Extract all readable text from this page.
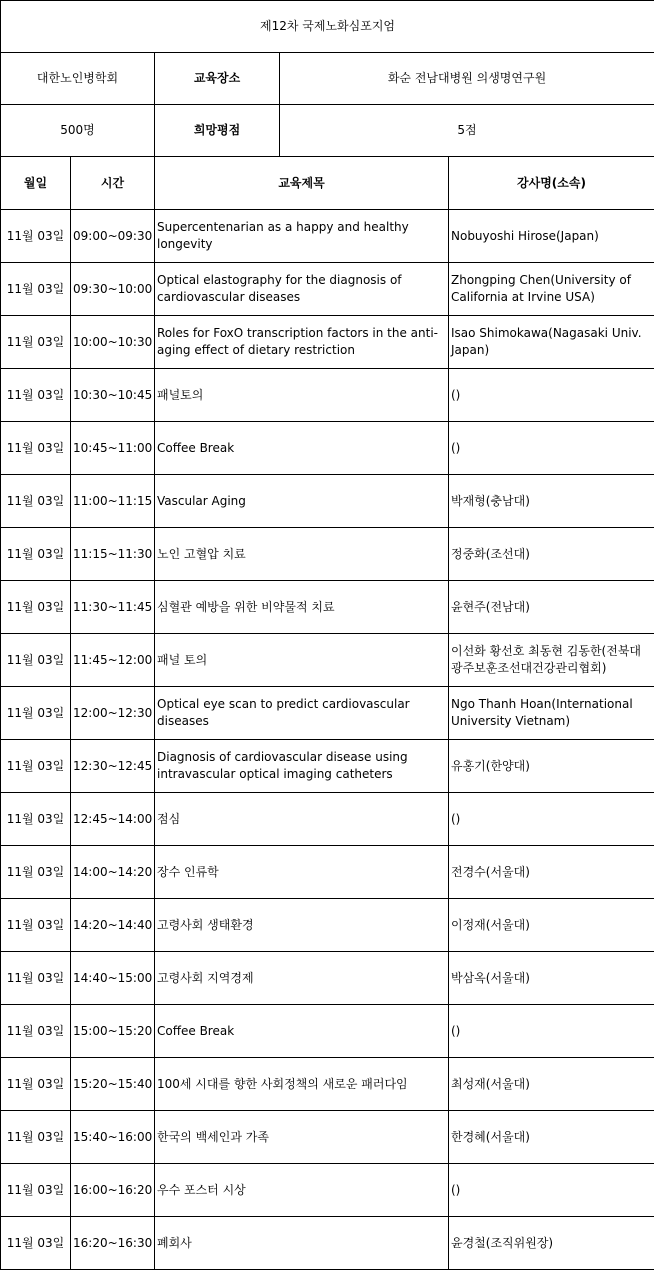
제12차 국제노화심포지엄				
대한노인병학회		교육장소	화순 전남대병원 의생명연구원	
500명		희망평점	5점	
월일	시간	교육제목		강사명(소속)
11월 03일	09:00~09:30	Supercentenarian as a happy and healthy longevity		Nobuyoshi Hirose(Japan)
11월 03일	09:30~10:00	Optical elastography for the diagnosis of cardiovascular diseases		Zhongping Chen(University of California at Irvine USA)
11월 03일	10:00~10:30	Roles for FoxO transcription factors in the anti-aging effect of dietary restriction		Isao Shimokawa(Nagasaki Univ. Japan)
11월 03일	10:30~10:45	패널토의		()
11월 03일	10:45~11:00	Coffee Break		()
11월 03일	11:00~11:15	Vascular Aging		박재형(충남대)
11월 03일	11:15~11:30	노인 고혈압 치료		정중화(조선대)
11월 03일	11:30~11:45	심혈관 예방을 위한 비약물적 치료		윤현주(전남대)
11월 03일	11:45~12:00	패널 토의		이선화 황선호 최동현 김동한(전북대광주보훈조선대건강관리협회)
11월 03일	12:00~12:30	Optical eye scan to predict cardiovascular diseases		Ngo Thanh Hoan(International University Vietnam)
11월 03일	12:30~12:45	Diagnosis of cardiovascular disease using intravascular optical imaging catheters		유홍기(한양대)
11월 03일	12:45~14:00	점심		()
11월 03일	14:00~14:20	장수 인류학		전경수(서울대)
11월 03일	14:20~14:40	고령사회 생태환경		이정재(서울대)
11월 03일	14:40~15:00	고령사회 지역경제		박삼옥(서울대)
11월 03일	15:00~15:20	Coffee Break		()
11월 03일	15:20~15:40	100세 시대를 향한 사회정책의 새로운 패러다임		최성재(서울대)
11월 03일	15:40~16:00	한국의 백세인과 가족		한경혜(서울대)
11월 03일	16:00~16:20	우수 포스터 시상		()
11월 03일	16:20~16:30	폐회사		윤경철(조직위원장)
